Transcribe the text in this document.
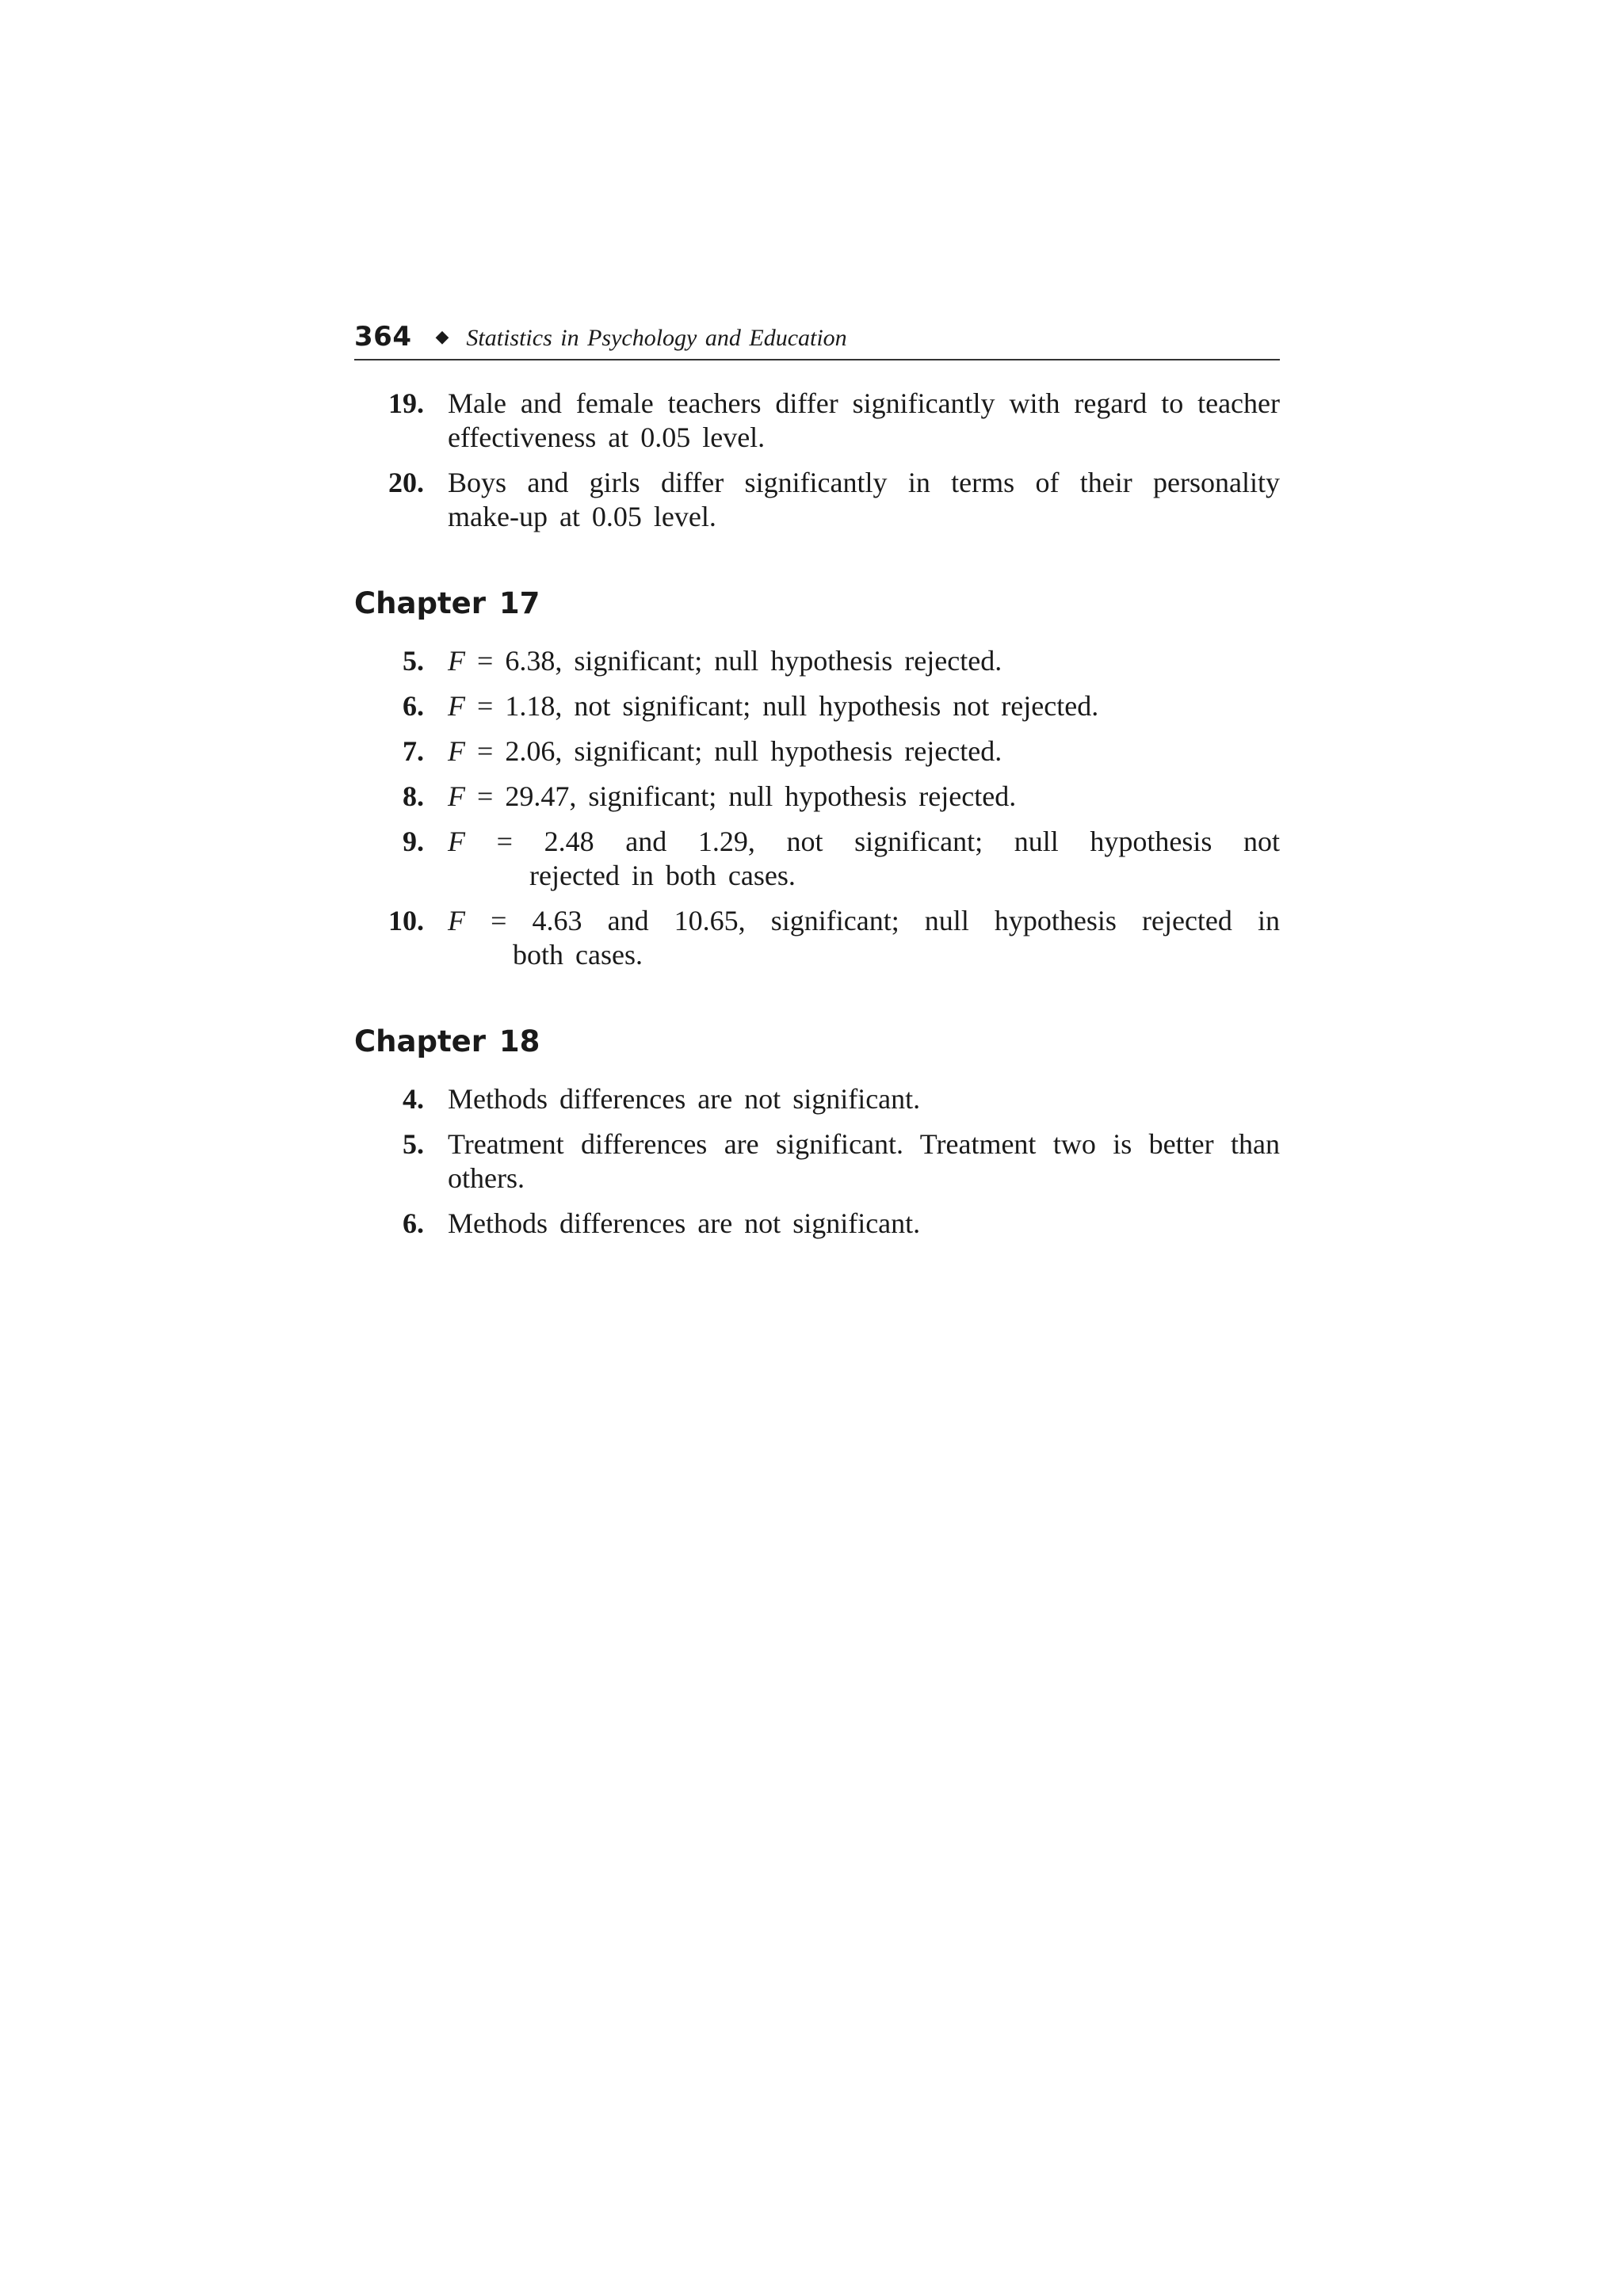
364 ◆ Statistics in Psychology and Education
19. Male and female teachers differ significantly with regard to teacher effectiveness at 0.05 level.
20. Boys and girls differ significantly in terms of their personality make-up at 0.05 level.
Chapter 17
5. F = 6.38, significant; null hypothesis rejected.
6. F = 1.18, not significant; null hypothesis not rejected.
7. F = 2.06, significant; null hypothesis rejected.
8. F = 29.47, significant; null hypothesis rejected.
9. F = 2.48 and 1.29, not significant; null hypothesis not
rejected in both cases.
10. F = 4.63 and 10.65, significant; null hypothesis rejected in
both cases.
Chapter 18
4. Methods differences are not significant.
5. Treatment differences are significant. Treatment two is better than others.
6. Methods differences are not significant.
